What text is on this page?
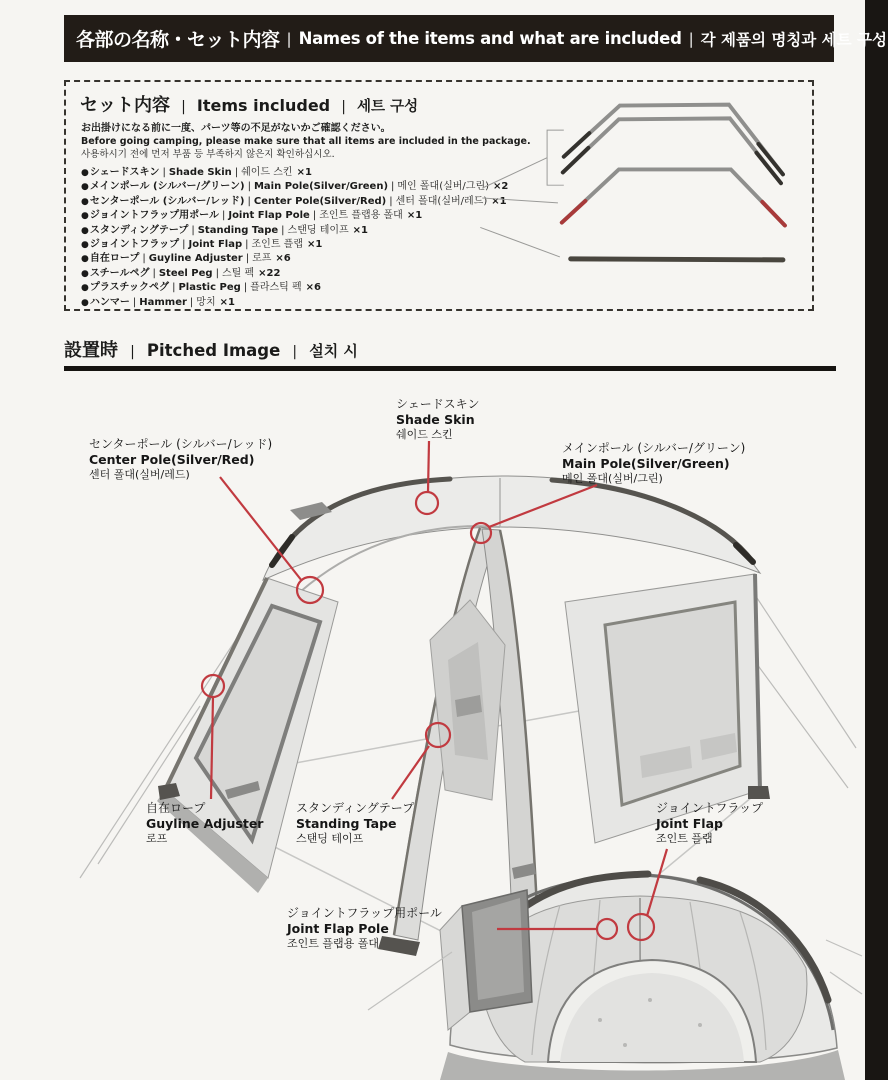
各部の名称・セット内容 | Names of the items and what are included | 각 제품의 명칭과 세트 구성
セット内容 | Items included | 세트 구성
お出掛けになる前に一度、パーツ等の不足がないかご確認ください。
Before going camping, please make sure that all items are included in the package.
사용하시기 전에 먼저 부품 등 부족하지 않은지 확인하십시오.
●シェードスキン | Shade Skin | 쉐이드 스킨 ×1
●メインポール (シルバー/グリーン) | Main Pole(Silver/Green) | 메인 폴대(실버/그린) ×2
●センターポール (シルバー/レッド) | Center Pole(Silver/Red) | 센터 폴대(실버/레드) ×1
●ジョイントフラップ用ポール | Joint Flap Pole | 조인트 플랩용 폴대 ×1
●スタンディングテープ | Standing Tape | 스탠딩 테이프 ×1
●ジョイントフラップ | Joint Flap | 조인트 플랩 ×1
●自在ロープ | Guyline Adjuster | 로프 ×6
●スチールペグ | Steel Peg | 스틸 펙 ×22
●プラスチックペグ | Plastic Peg | 플라스틱 펙 ×6
●ハンマー | Hammer | 망치 ×1
設置時 | Pitched Image | 설치 시
シェードスキン
Shade Skin
쉐이드 스킨
センターポール (シルバー/レッド)
Center Pole(Silver/Red)
센터 폴대(실버/레드)
メインポール (シルバー/グリーン)
Main Pole(Silver/Green)
메인 폴대(실버/그린)
自在ロープ
Guyline Adjuster
로프
スタンディングテープ
Standing Tape
스탠딩 테이프
ジョイントフラップ
Joint Flap
조인트 플랩
ジョイントフラップ用ポール
Joint Flap Pole
조인트 플랩용 폴대
